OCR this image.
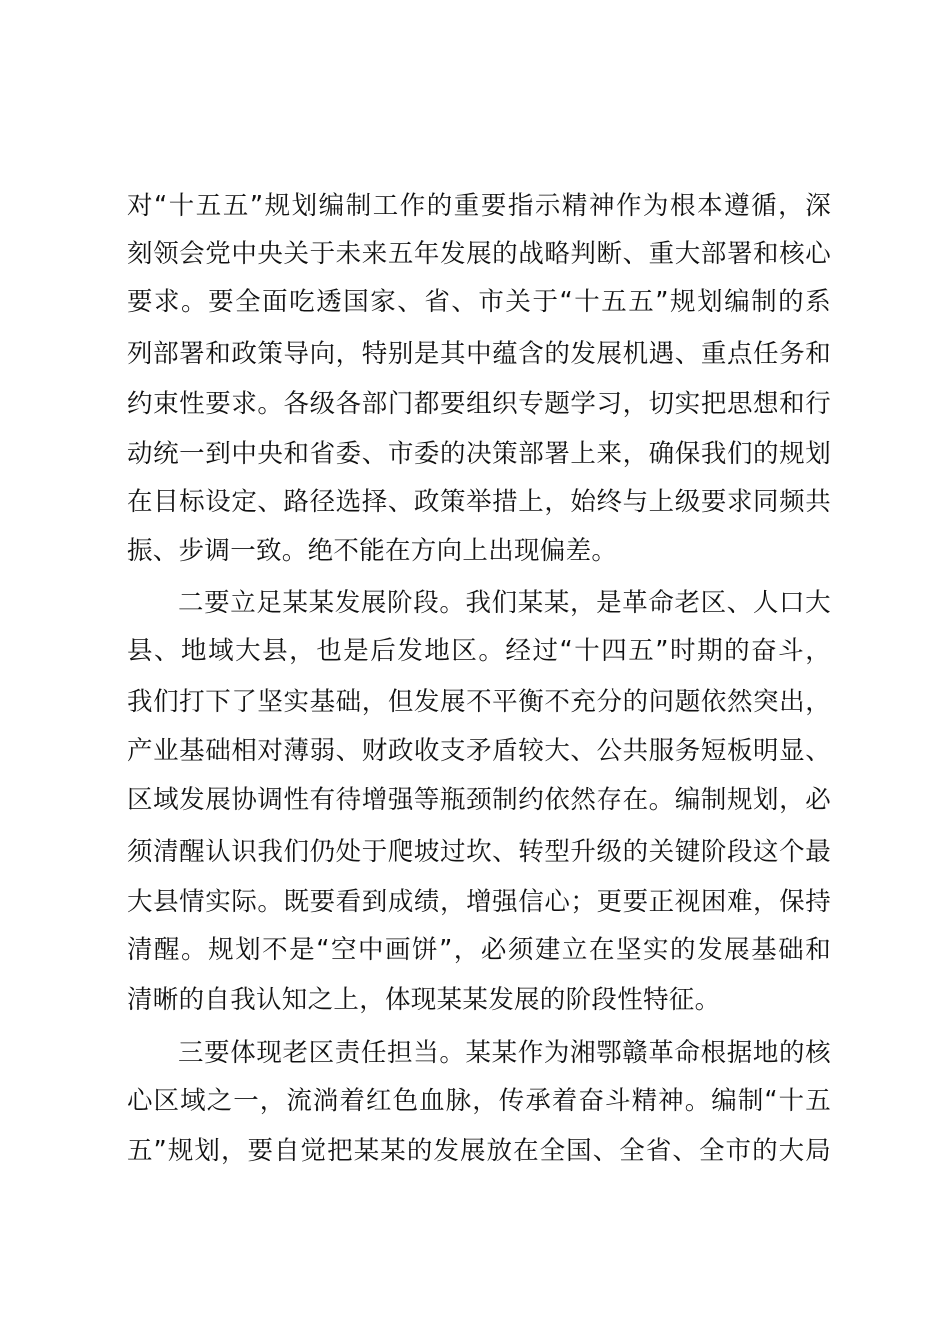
对“十五五”规划编制工作的重要指示精神作为根本遵循，深
刻领会党中央关于未来五年发展的战略判断、重大部署和核心
要求。要全面吃透国家、省、市关于“十五五”规划编制的系
列部署和政策导向，特别是其中蕴含的发展机遇、重点任务和
约束性要求。各级各部门都要组织专题学习，切实把思想和行
动统一到中央和省委、市委的决策部署上来，确保我们的规划
在目标设定、路径选择、政策举措上，始终与上级要求同频共
振、步调一致。绝不能在方向上出现偏差。
二要立足某某发展阶段。我们某某，是革命老区、人口大
县、地域大县，也是后发地区。经过“十四五”时期的奋斗，
我们打下了坚实基础，但发展不平衡不充分的问题依然突出，
产业基础相对薄弱、财政收支矛盾较大、公共服务短板明显、
区域发展协调性有待增强等瓶颈制约依然存在。编制规划，必
须清醒认识我们仍处于爬坡过坎、转型升级的关键阶段这个最
大县情实际。既要看到成绩，增强信心；更要正视困难，保持
清醒。规划不是“空中画饼”，必须建立在坚实的发展基础和
清晰的自我认知之上，体现某某发展的阶段性特征。
三要体现老区责任担当。某某作为湘鄂赣革命根据地的核
心区域之一，流淌着红色血脉，传承着奋斗精神。编制“十五
五”规划，要自觉把某某的发展放在全国、全省、全市的大局
